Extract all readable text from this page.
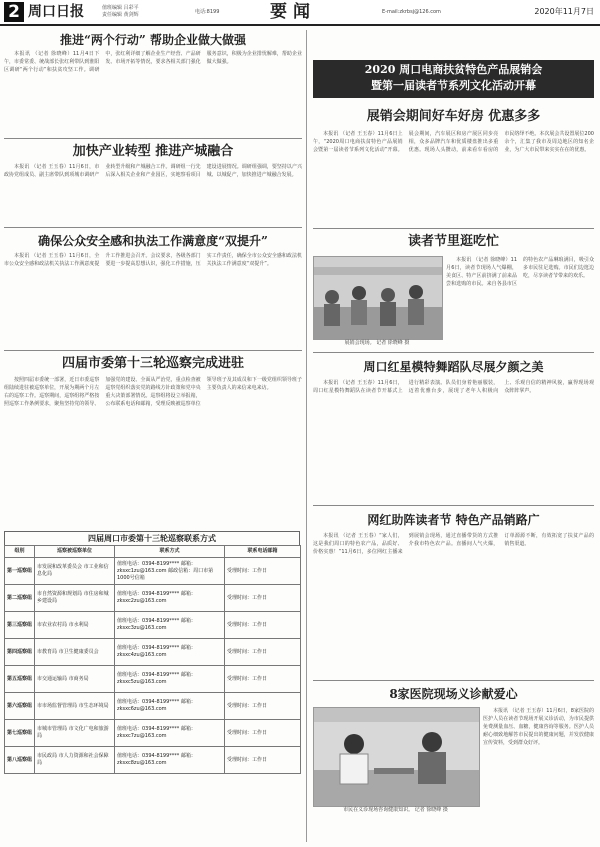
2 周口日报	值班编辑 吕彩平
责任编辑 黄剑辉	电话:8199	要闻	E-mail:zkrbsj@126.com	2020年11月7日
推进“两个行动” 帮助企业做大做强

本报讯 （记者 徐晓峰）11月4日下午，市委常委、统战部长张红利带队到淮阳区调研“两个行动”和扶贫攻坚工作。调研中，张红利详细了解企业生产经营、产品研发、市场开拓等情况，要求各相关部门强化服务意识，积极为企业排忧解难，帮助企业做大做强。

加快产业转型 推进产城融合

本报讯 （记者 王玉春）11月6日，市政协党组成员、副主席带队到项城市调研产业转型升级和产城融合工作。调研组一行先后深入相关企业和产业园区，实地察看项目建设进展情况。调研组强调，要坚持以产兴城、以城促产，加快推进产城融合发展。

确保公众安全感和执法工作满意度“双提升”

本报讯 （记者 王玉春）11月6日，全市公众安全感和政法机关执法工作满意度提升工作推进会召开。会议要求，各级各部门要进一步提高思想认识，强化工作措施，压实工作责任，确保全市公众安全感和政法机关执法工作满意度“双提升”。

四届市委第十三轮巡察完成进驻

按照四届市委统一部署，近日市委巡察组陆续进驻被巡察单位，开展为期两个月左右的巡察工作。巡察期间，巡察组将严格按照巡察工作条例要求，聚焦坚持党的领导、加强党的建设、全面从严治党，重点检查被巡察党组织落实党的路线方针政策和党中央重大决策部署情况。巡察组将设立举报箱，公布联系电话和邮箱，受理反映被巡察单位领导班子及其成员和下一级党组织领导班子主要负责人的来信来电来访。

四届周口市委第十三轮巡察联系方式
组别	巡察被巡察单位	联系方式	联系电话邮箱
第一巡察组	市发展和改革委员会 市工业和信息化局	值班电话：0394-8199**** 邮箱：zksxc1zu@163.com 邮政信箱：周口市第1000号信箱	受理时间：工作日
第二巡察组	市自然资源和规划局 市住房和城乡建设局	值班电话：0394-8199**** 邮箱：zksxc2zu@163.com	受理时间：工作日
第三巡察组	市农业农村局 市水利局	值班电话：0394-8199**** 邮箱：zksxc3zu@163.com	受理时间：工作日
第四巡察组	市教育局 市卫生健康委员会	值班电话：0394-8199**** 邮箱：zksxc4zu@163.com	受理时间：工作日
第五巡察组	市交通运输局 市商务局	值班电话：0394-8199**** 邮箱：zksxc5zu@163.com	受理时间：工作日
第六巡察组	市市场监督管理局 市生态环境局	值班电话：0394-8199**** 邮箱：zksxc6zu@163.com	受理时间：工作日
第七巡察组	市城市管理局 市文化广电和旅游局	值班电话：0394-8199**** 邮箱：zksxc7zu@163.com	受理时间：工作日
第八巡察组	市民政局 市人力资源和社会保障局	值班电话：0394-8199**** 邮箱：zksxc8zu@163.com	受理时间：工作日
2020 周口电商扶贫特色产品展销会
暨第一届读者节系列文化活动开幕
展销会期间好车好房 优惠多多

本报讯 （记者 王玉春）11月6日上午，“2020周口电商扶贫特色产品展销会暨第一届读者节系列文化活动”开幕。展会期间，汽车展区和房产展区同步亮相，众多品牌汽车和优质楼盘推出多重优惠。现场人头攒动，前来看车看房的市民络绎不绝。本次展会共设置展位200余个，汇集了我市及周边地区的知名企业，为广大市民带来实实在在的优惠。

读者节里逛吃忙
展销会现场。 记者 徐晓峰 摄

本报讯 （记者 徐晓峰）11月6日，读者节现场人气爆棚，美食区、特产区前挤满了前来品尝和选购的市民。来自各县市区的特色农产品琳琅满目，吸引众多市民驻足选购。市民们边逛边吃，尽享读者节带来的欢乐。

周口红星模特舞蹈队尽展夕颜之美

本报讯 （记者 王玉春）11月6日，周口红星模特舞蹈队在读者节开幕式上进行精彩表演。队员们身着艳丽服装，迈着优雅台步，展现了老年人积极向上、乐观自信的精神风貌，赢得现场观众阵阵掌声。

网红助阵读者节 特色产品销路广

本报讯 （记者 王玉春）“家人们，这是我们周口的特色农产品，品质好、价格实惠！”11月6日，多位网红主播来到展销会现场，通过直播带货的方式推介我市特色农产品。直播间人气火爆，订单源源不断，有效拓宽了扶贫产品的销售渠道。

8家医院现场义诊献爱心
市民在义诊现场咨询健康知识。 记者 徐晓峰 摄

本报讯 （记者 王玉春）11月6日，8家医院的医护人员在读者节现场开展义诊活动，为市民提供免费测量血压、血糖，健康咨询等服务。医护人员耐心细致地解答市民提出的健康问题，并发放健康宣传资料，受到群众好评。
